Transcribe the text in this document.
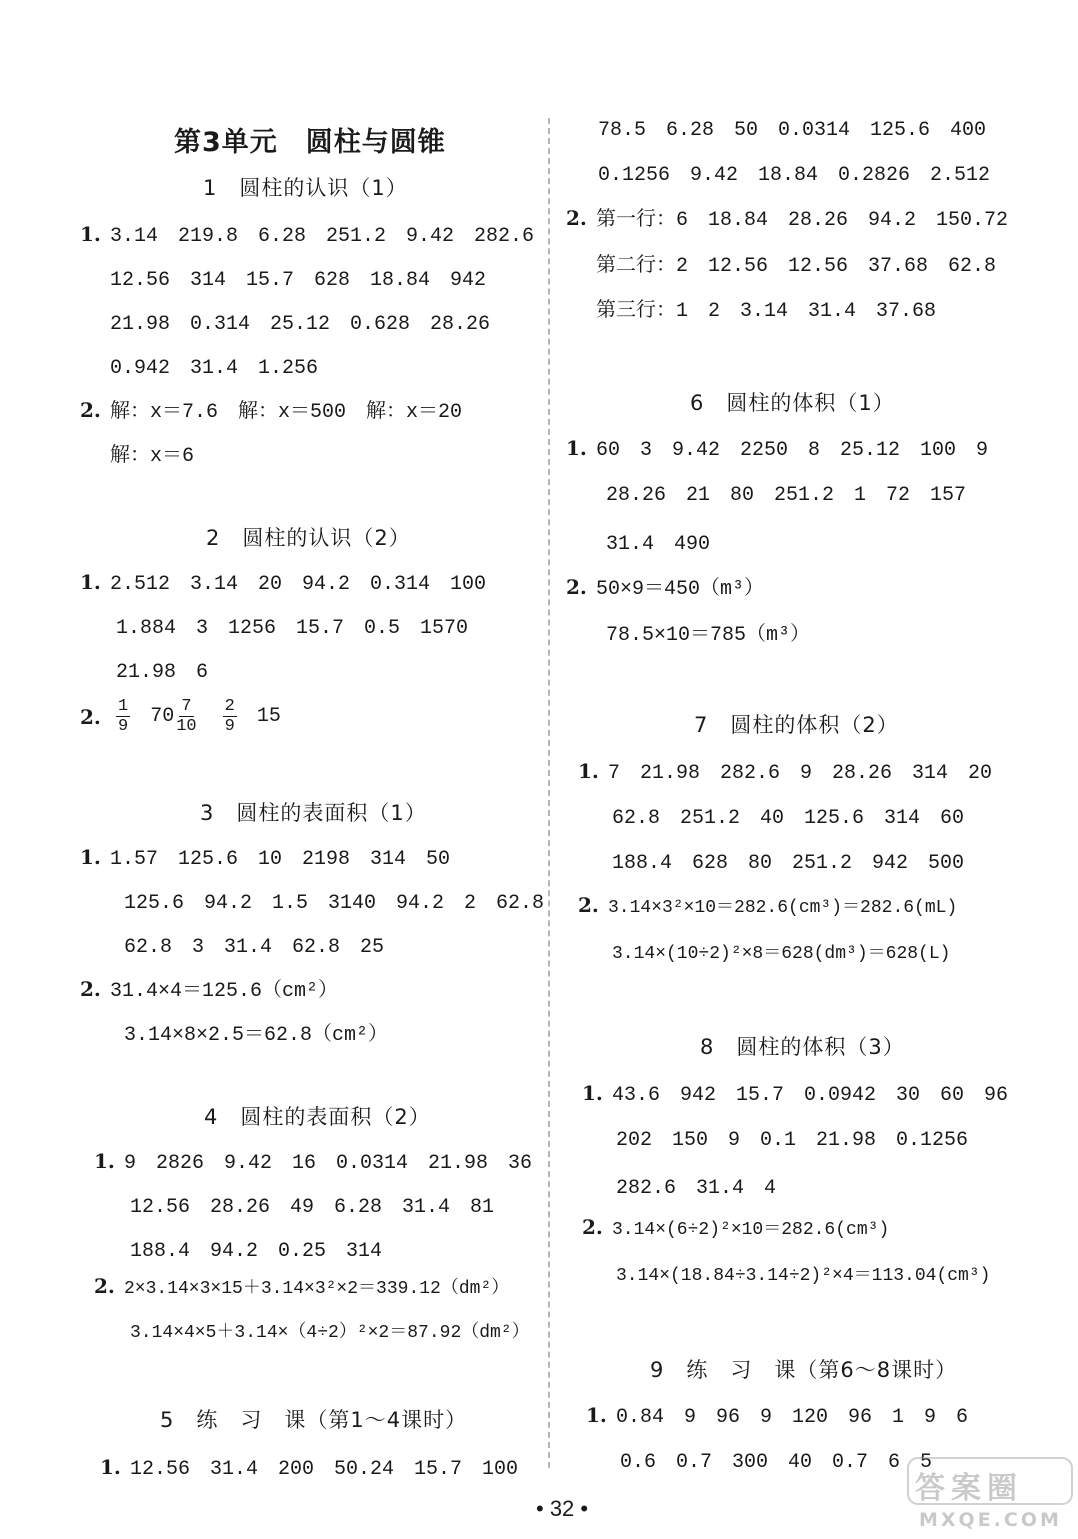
第3单元　圆柱与圆锥
1　圆柱的认识（1）
1. 3.14　219.8　6.28　251.2　9.42　282.6
12.56　314　15.7　628　18.84　942
21.98　0.314　25.12　0.628　28.26
0.942　31.4　1.256
2. 解：x＝7.6　解：x＝500　解：x＝20
解：x＝6
2　圆柱的认识（2）
1. 2.512　3.14　20　94.2　0.314　100
1.884　3　1256　15.7　0.5　1570
21.98　6
2. $\frac{1}{9} 70 \frac{7}{10} \frac{2}{9} 15$
3　圆柱的表面积（1）
1. 1.57　125.6　10　2198　314　50
125.6　94.2　1.5　3140　94.2　2　62.8
62.8　3　31.4　62.8　25
2. 31.4×4＝125.6（cm²）
3.14×8×2.5＝62.8（cm²）
4　圆柱的表面积（2）
1. 9　2826　9.42　16　0.0314　21.98　36
12.56　28.26　49　6.28　31.4　81
188.4　94.2　0.25　314
2. 2×3.14×3×15＋3.14×3²×2＝339.12（dm²）
3.14×4×5＋3.14×（4÷2）²×2＝87.92（dm²）
5　练　习　课（第1～4课时）
1. 12.56　31.4　200　50.24　15.7　100
78.5　6.28　50　0.0314　125.6　400
0.1256　9.42　18.84　0.2826　2.512
2. 第一行：6　18.84　28.26　94.2　150.72
第二行：2　12.56　12.56　37.68　62.8
第三行：1　2　3.14　31.4　37.68
6　圆柱的体积（1）
1. 60　3　9.42　2250　8　25.12　100　9
28.26　21　80　251.2　1　72　157
31.4　490
2. 50×9＝450（m³）
78.5×10＝785（m³）
7　圆柱的体积（2）
1. 7　21.98　282.6　9　28.26　314　20
62.8　251.2　40　125.6　314　60
188.4　628　80　251.2　942　500
2. 3.14×3²×10＝282.6(cm³)＝282.6(mL)
3.14×(10÷2)²×8＝628(dm³)＝628(L)
8　圆柱的体积（3）
1. 43.6　942　15.7　0.0942　30　60　96
202　150　9　0.1　21.98　0.1256
282.6　31.4　4
2. 3.14×(6÷2)²×10＝282.6(cm³)
3.14×(18.84÷3.14÷2)²×4＝113.04(cm³)
9　练　习　课（第6～8课时）
1. 0.84　9　96　9　120　96　1　9　6
0.6　0.7　300　40　0.7　6　5
• 32 •
答案圈
MXQE.COM
